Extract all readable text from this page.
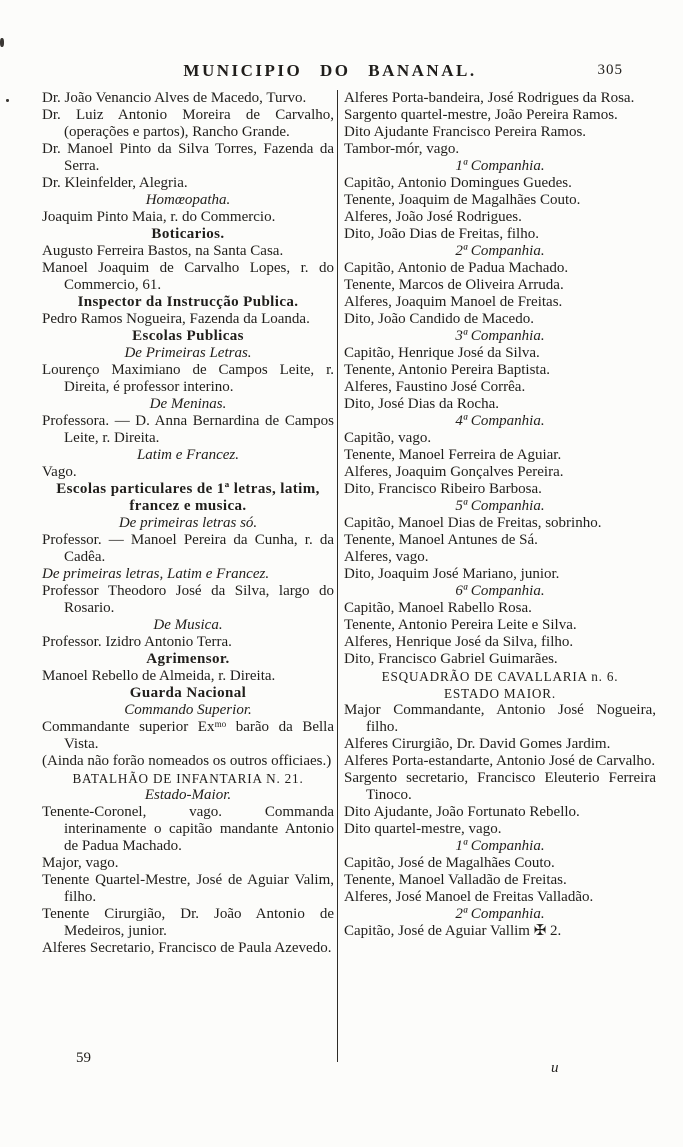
MUNICIPIO DO BANANAL.	305

Dr. João Venancio Alves de Macedo, Turvo.

Dr. Luiz Antonio Moreira de Carvalho, (operações e partos), Rancho Grande.

Dr. Manoel Pinto da Silva Torres, Fazenda da Serra.

Dr. Kleinfelder, Alegria.

Homœopatha.

Joaquim Pinto Maia, r. do Commercio.

Boticarios.

Augusto Ferreira Bastos, na Santa Casa.

Manoel Joaquim de Carvalho Lopes, r. do Commercio, 61.

Inspector da Instrucção Publica.

Pedro Ramos Nogueira, Fazenda da Loanda.

Escolas Publicas

De Primeiras Letras.

Lourenço Maximiano de Campos Leite, r. Direita, é professor interino.

De Meninas.

Professora. — D. Anna Bernardina de Campos Leite, r. Direita.

Latim e Francez.

Vago.

Escolas particulares de 1ª letras, latim, francez e musica.

De primeiras letras só.

Professor. — Manoel Pereira da Cunha, r. da Cadêa.

De primeiras letras, Latim e Francez.

Professor Theodoro José da Silva, largo do Rosario.

De Musica.

Professor. Izidro Antonio Terra.

Agrimensor.

Manoel Rebello de Almeida, r. Direita.

Guarda Nacional

Commando Superior.

Commandante superior Exᵐᵒ barão da Bella Vista.

(Ainda não forão nomeados os outros officiaes.)

BATALHÃO DE INFANTARIA N. 21.

Estado-Maior.

Tenente-Coronel, vago. Commanda interinamente o capitão mandante Antonio de Padua Machado.

Major, vago.

Tenente Quartel-Mestre, José de Aguiar Valim, filho.

Tenente Cirurgião, Dr. João Antonio de Medeiros, junior.

Alferes Secretario, Francisco de Paula Azevedo.

Alferes Porta-bandeira, José Rodrigues da Rosa.

Sargento quartel-mestre, João Pereira Ramos.

Dito Ajudante Francisco Pereira Ramos.

Tambor-mór, vago.

1ª Companhia.

Capitão, Antonio Domingues Guedes.

Tenente, Joaquim de Magalhães Couto.

Alferes, João José Rodrigues.

Dito, João Dias de Freitas, filho.

2ª Companhia.

Capitão, Antonio de Padua Machado.

Tenente, Marcos de Oliveira Arruda.

Alferes, Joaquim Manoel de Freitas.

Dito, João Candido de Macedo.

3ª Companhia.

Capitão, Henrique José da Silva.

Tenente, Antonio Pereira Baptista.

Alferes, Faustino José Corrêa.

Dito, José Dias da Rocha.

4ª Companhia.

Capitão, vago.

Tenente, Manoel Ferreira de Aguiar.

Alferes, Joaquim Gonçalves Pereira.

Dito, Francisco Ribeiro Barbosa.

5ª Companhia.

Capitão, Manoel Dias de Freitas, sobrinho.

Tenente, Manoel Antunes de Sá.

Alferes, vago.

Dito, Joaquim José Mariano, junior.

6ª Companhia.

Capitão, Manoel Rabello Rosa.

Tenente, Antonio Pereira Leite e Silva.

Alferes, Henrique José da Silva, filho.

Dito, Francisco Gabriel Guimarães.

ESQUADRÃO DE CAVALLARIA n. 6.

ESTADO MAIOR.

Major Commandante, Antonio José Nogueira, filho.

Alferes Cirurgião, Dr. David Gomes Jardim.

Alferes Porta-estandarte, Antonio José de Carvalho.

Sargento secretario, Francisco Eleuterio Ferreira Tinoco.

Dito Ajudante, João Fortunato Rebello.

Dito quartel-mestre, vago.

1ª Companhia.

Capitão, José de Magalhães Couto.

Tenente, Manoel Valladão de Freitas.

Alferes, José Manoel de Freitas Valladão.

2ª Companhia.

Capitão, José de Aguiar Vallim ✠ 2.

59
u
